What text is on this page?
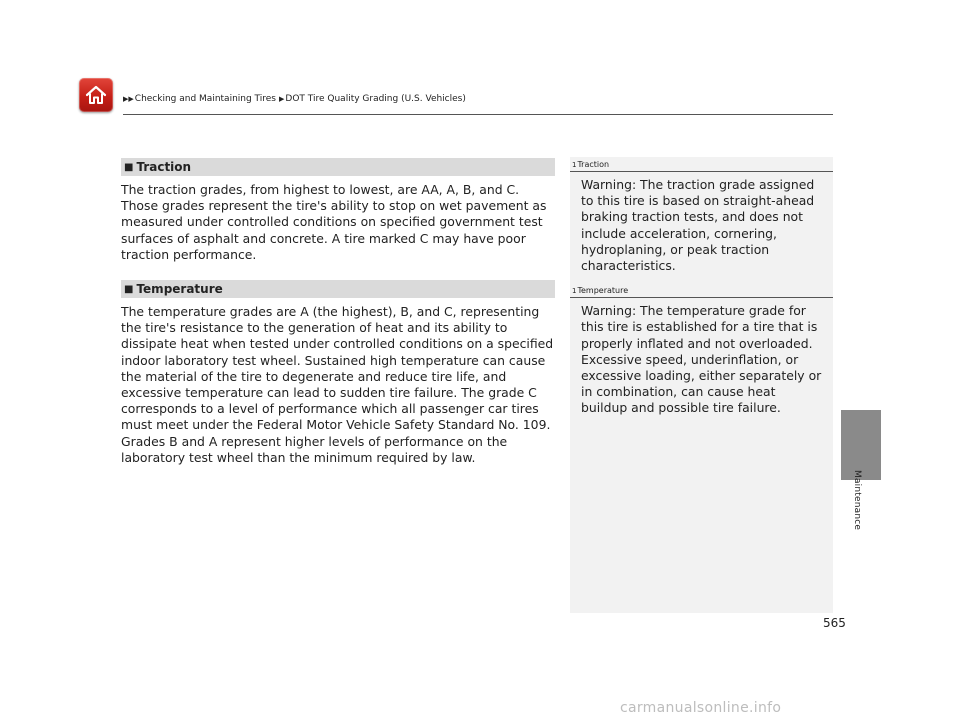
▶▶Checking and Maintaining Tires ▶DOT Tire Quality Grading (U.S. Vehicles)
Maintenance
■ Traction

The traction grades, from highest to lowest, are AA, A, B, and C. Those grades represent the tire's ability to stop on wet pavement as measured under controlled conditions on specified government test surfaces of asphalt and concrete. A tire marked C may have poor traction performance.

■ Temperature

The temperature grades are A (the highest), B, and C, representing the tire's resistance to the generation of heat and its ability to dissipate heat when tested under controlled conditions on a specified indoor laboratory test wheel. Sustained high temperature can cause the material of the tire to degenerate and reduce tire life, and excessive temperature can lead to sudden tire failure. The grade C corresponds to a level of performance which all passenger car tires must meet under the Federal Motor Vehicle Safety Standard No. 109. Grades B and A represent higher levels of performance on the laboratory test wheel than the minimum required by law.

1Traction
Warning: The traction grade assigned to this tire is based on straight-ahead braking traction tests, and does not include acceleration, cornering, hydroplaning, or peak traction characteristics.
1Temperature
Warning: The temperature grade for this tire is established for a tire that is properly inflated and not overloaded. Excessive speed, underinflation, or excessive loading, either separately or in combination, can cause heat buildup and possible tire failure.
565
carmanualsonline.info
